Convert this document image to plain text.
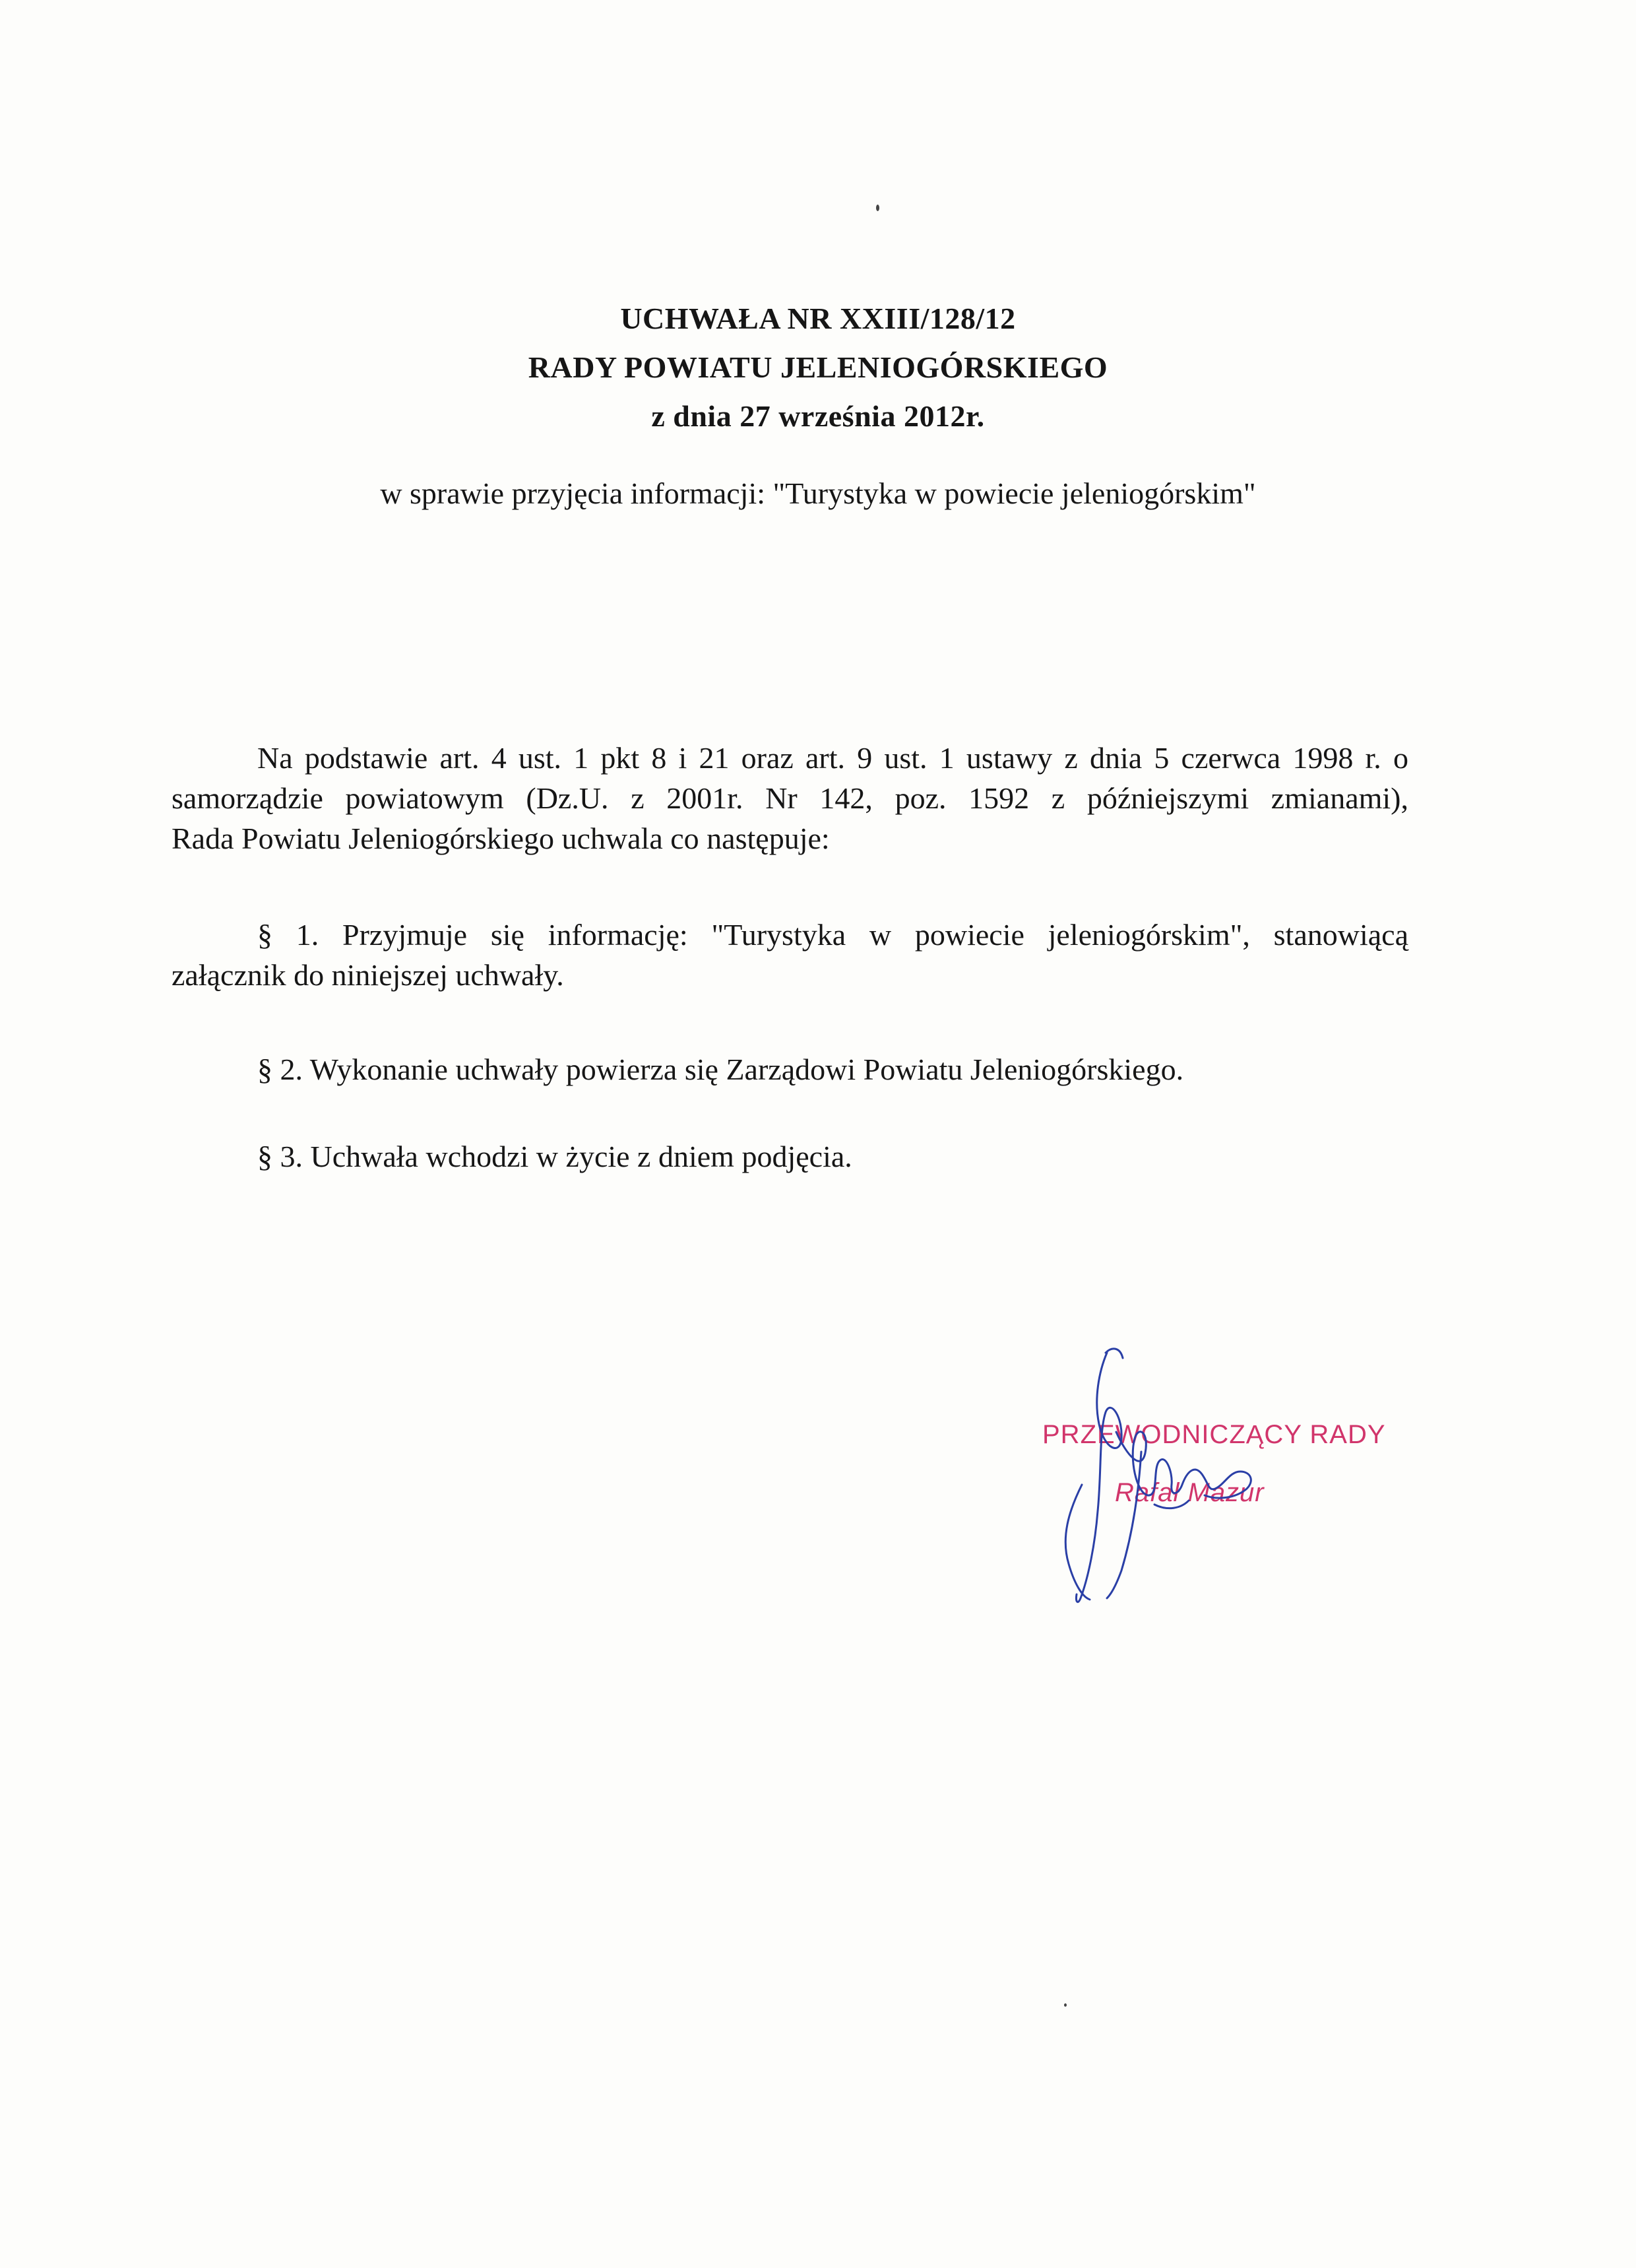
UCHWAŁA NR XXIII/128/12
RADY POWIATU JELENIOGÓRSKIEGO
z dnia 27 września 2012r.
w sprawie przyjęcia informacji: "Turystyka w powiecie jeleniogórskim"
Na podstawie art. 4 ust. 1 pkt 8 i 21 oraz art. 9 ust. 1 ustawy z dnia 5 czerwca 1998 r. o
samorządzie powiatowym (Dz.U. z 2001r. Nr 142, poz. 1592 z późniejszymi zmianami),
Rada Powiatu Jeleniogórskiego uchwala co następuje:
§ 1. Przyjmuje się informację: "Turystyka w powiecie jeleniogórskim", stanowiącą
załącznik do niniejszej uchwały.
§ 2. Wykonanie uchwały powierza się Zarządowi Powiatu Jeleniogórskiego.
§ 3. Uchwała wchodzi w życie z dniem podjęcia.
PRZEWODNICZĄCY RADY
Rafał Mazur
